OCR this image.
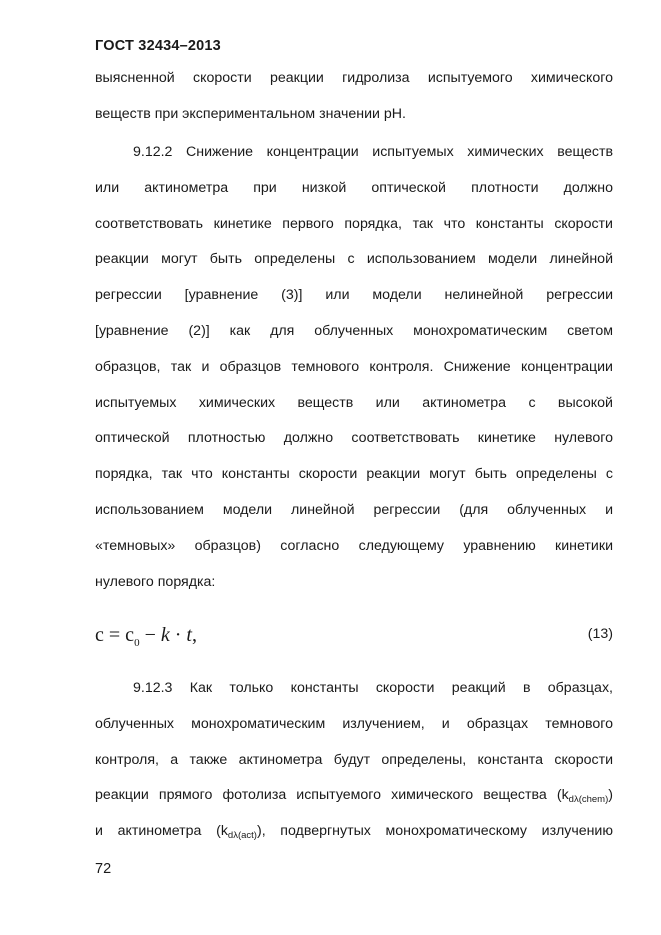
ГОСТ 32434–2013
выясненной скорости реакции гидролиза испытуемого химического
веществ при экспериментальном значении pH.
9.12.2 Снижение концентрации испытуемых химических веществ
или актинометра при низкой оптической плотности должно
соответствовать кинетике первого порядка, так что константы скорости
реакции могут быть определены с использованием модели линейной
регрессии [уравнение (3)] или модели нелинейной регрессии
[уравнение (2)] как для облученных монохроматическим светом
образцов, так и образцов темнового контроля. Снижение концентрации
испытуемых химических веществ или актинометра с высокой
оптической плотностью должно соответствовать кинетике нулевого
порядка, так что константы скорости реакции могут быть определены с
использованием модели линейной регрессии (для облученных и
«темновых» образцов) согласно следующему уравнению кинетики
нулевого порядка:
$c = c_0 - k \cdot t$,	(13)
9.12.3 Как только константы скорости реакций в образцах,
облученных монохроматическим излучением, и образцах темнового
контроля, а также актинометра будут определены, константа скорости
реакции прямого фотолиза испытуемого химического вещества $(k_{d\lambda(chem)})$
и актинометра $(k_{d\lambda(act)})$, подвергнутых монохроматическому излучению
72
